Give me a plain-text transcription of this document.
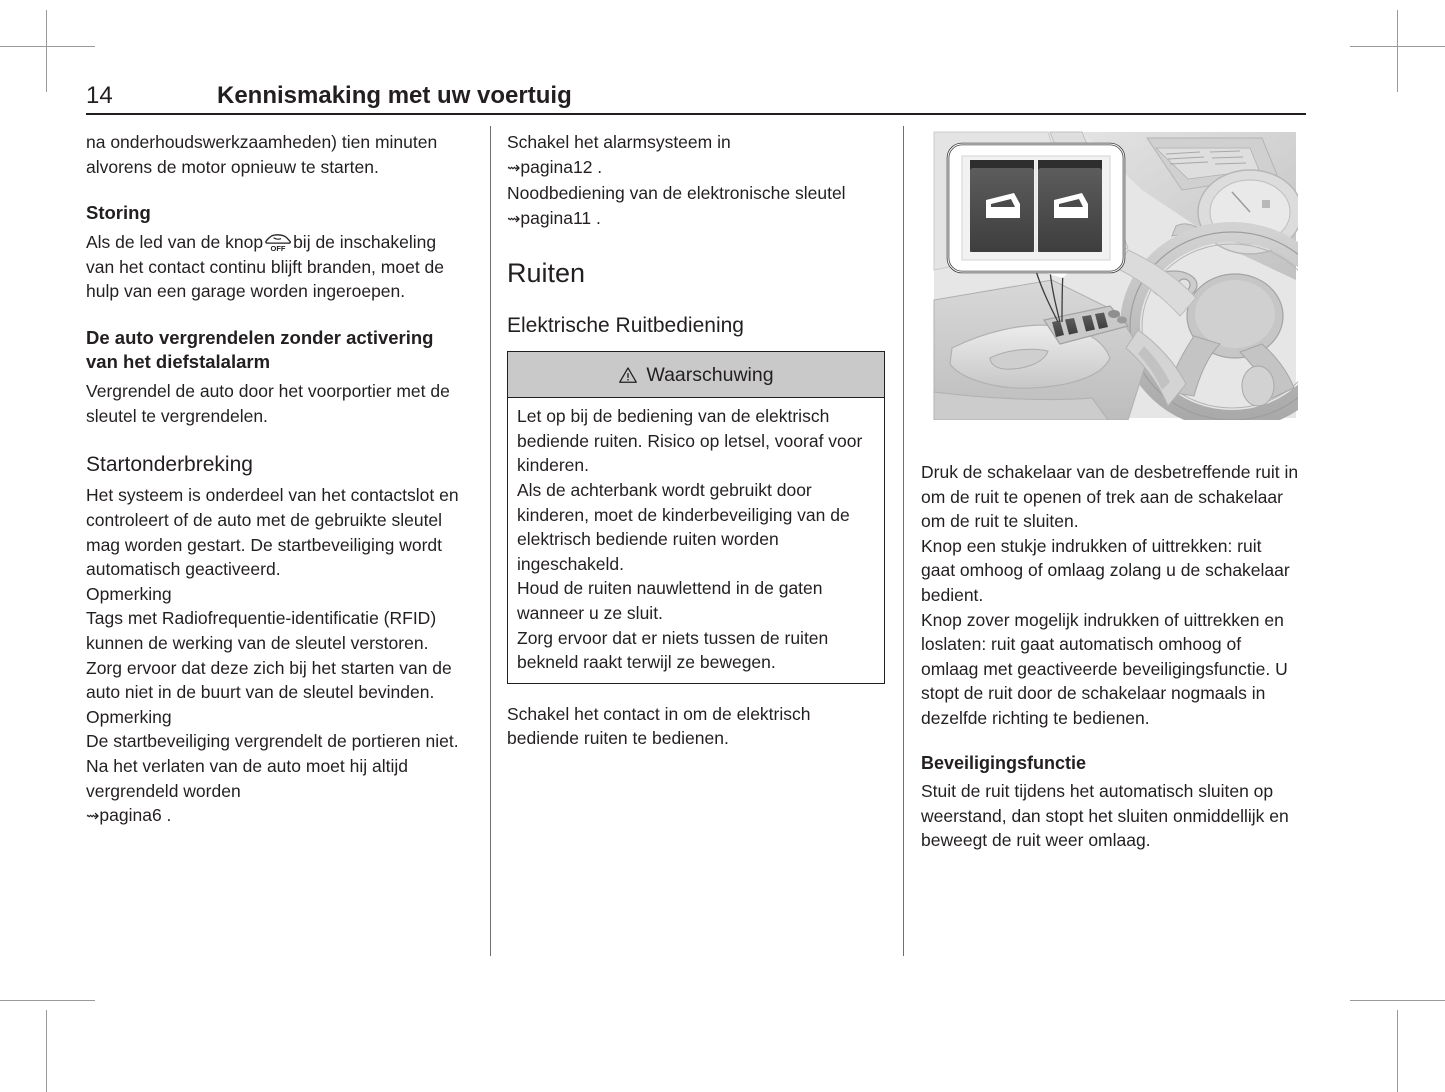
14	Kennismaking met uw voertuig

na onderhoudswerkzaamheden) tien minuten alvorens de motor opnieuw te starten.

Storing

Als de led van de knop OFF bij de inschakeling van het contact continu blijft branden, moet de hulp van een garage worden ingeroepen.

De auto vergrendelen zonder activering van het diefstalalarm

Vergrendel de auto door het voorportier met de sleutel te vergrendelen.

Startonderbreking

Het systeem is onderdeel van het contactslot en controleert of de auto met de gebruikte sleutel mag worden gestart. De startbeveiliging wordt automatisch geactiveerd.

Opmerking

Tags met Radiofrequentie-identificatie (RFID) kunnen de werking van de sleutel verstoren. Zorg ervoor dat deze zich bij het starten van de auto niet in de buurt van de sleutel bevinden.

Opmerking

De startbeveiliging vergrendelt de portieren niet. Na het verlaten van de auto moet hij altijd vergrendeld worden

⇝pagina6 .

Schakel het alarmsysteem in

⇝pagina12 .

Noodbediening van de elektronische sleutel ⇝pagina11 .

Ruiten
Elektrische Ruitbediening
Waarschuwing

Let op bij de bediening van de elektrisch bediende ruiten. Risico op letsel, vooraf voor kinderen.

Als de achterbank wordt gebruikt door kinderen, moet de kinderbeveiliging van de elektrisch bediende ruiten worden ingeschakeld.

Houd de ruiten nauwlettend in de gaten wanneer u ze sluit.

Zorg ervoor dat er niets tussen de ruiten bekneld raakt terwijl ze bewegen.

Schakel het contact in om de elektrisch bediende ruiten te bedienen.

Druk de schakelaar van de desbetreffende ruit in om de ruit te openen of trek aan de schakelaar om de ruit te sluiten.

Knop een stukje indrukken of uittrekken: ruit gaat omhoog of omlaag zolang u de schakelaar bedient.

Knop zover mogelijk indrukken of uittrekken en loslaten: ruit gaat automatisch omhoog of omlaag met geactiveerde beveiligingsfunctie. U stopt de ruit door de schakelaar nogmaals in dezelfde richting te bedienen.

Beveiligingsfunctie

Stuit de ruit tijdens het automatisch sluiten op weerstand, dan stopt het sluiten onmiddellijk en beweegt de ruit weer omlaag.
